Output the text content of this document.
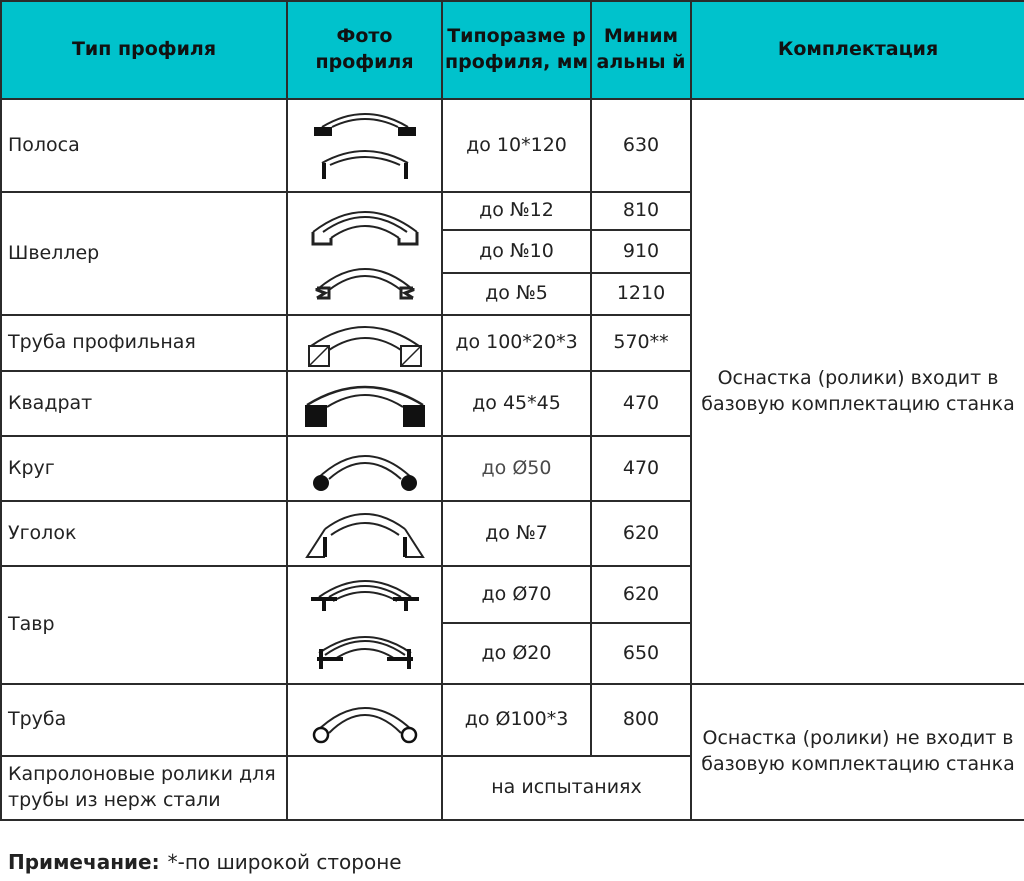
Тип профиля	Фото профиля	Типоразме р профиля, мм	Миним альны й	Комплектация
Полоса		до 10*120	630	Оснастка (ролики) входит в базовую комплектацию станка
Швеллер		до №12	810	
		до №10	910	
		до №5	1210	
Труба профильная		до 100*20*3	570**	
Квадрат		до 45*45	470	
Круг		до Ø50	470	
Уголок		до №7	620	
Тавр		до Ø70	620	
		до Ø20	650	
Труба		до Ø100*3	800	Оснастка (ролики) не входит в базовую комплектацию станка
Капролоновые ролики для трубы из нерж стали		на испытаниях		
Примечание: *-по широкой стороне
